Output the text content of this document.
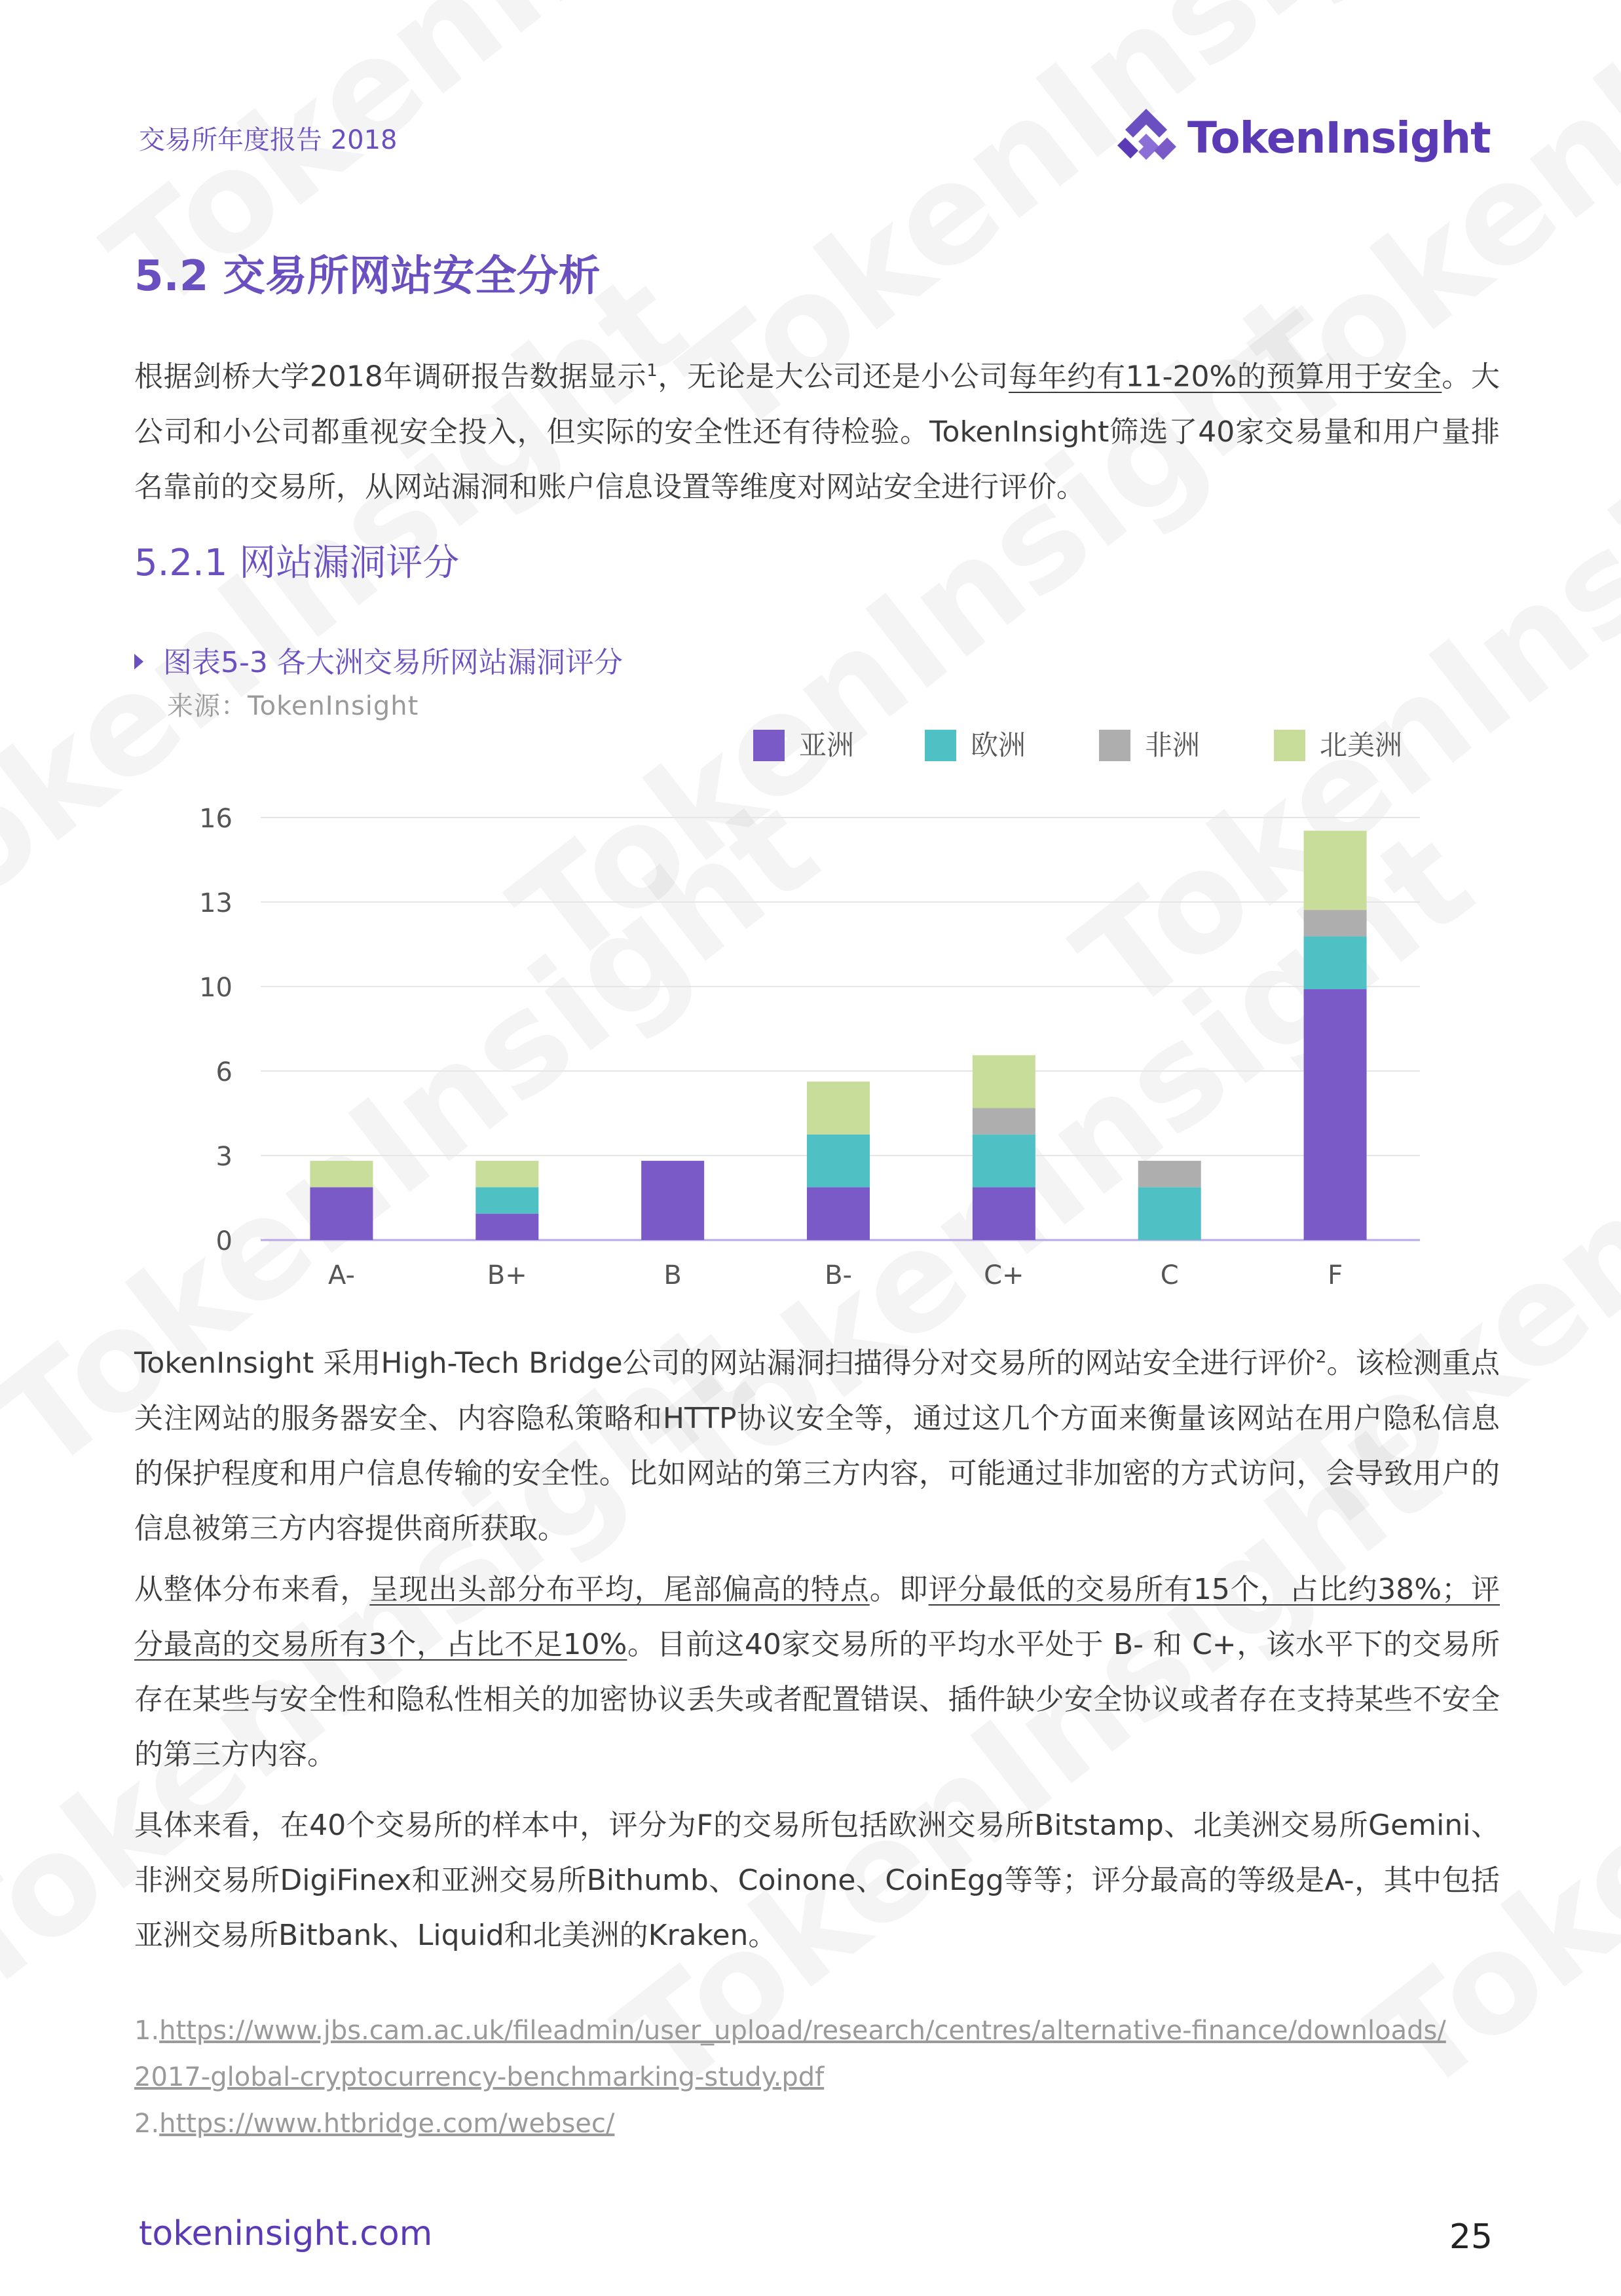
交易所年度报告 2018	TokenInsight
5.2 交易所网站安全分析
根据剑桥大学2018年调研报告数据显示$^1$，无论是大公司还是小公司每年约有11-20%的预算用于安全。大公司和小公司都重视安全投入，但实际的安全性还有待检验。TokenInsight筛选了40家交易量和用户量排名靠前的交易所，从网站漏洞和账户信息设置等维度对网站安全进行评价。
5.2.1 网站漏洞评分
图表5-3 各大洲交易所网站漏洞评分
来源：TokenInsight
0
3
6
10
13
16
A-	B+	B	B-	C+	C	F
亚洲	欧洲	非洲	北美洲
TokenInsight 采用High-Tech Bridge公司的网站漏洞扫描得分对交易所的网站安全进行评价$^2$。该检测重点关注网站的服务器安全、内容隐私策略和HTTP协议安全等，通过这几个方面来衡量该网站在用户隐私信息的保护程度和用户信息传输的安全性。比如网站的第三方内容，可能通过非加密的方式访问，会导致用户的信息被第三方内容提供商所获取。
从整体分布来看，呈现出头部分布平均，尾部偏高的特点。即评分最低的交易所有15个，占比约38%；评分最高的交易所有3个，占比不足10%。目前这40家交易所的平均水平处于 B- 和 C+，该水平下的交易所存在某些与安全性和隐私性相关的加密协议丢失或者配置错误、插件缺少安全协议或者存在支持某些不安全的第三方内容。
具体来看，在40个交易所的样本中，评分为F的交易所包括欧洲交易所Bitstamp、北美洲交易所Gemini、非洲交易所DigiFinex和亚洲交易所Bithumb、Coinone、CoinEgg等等；评分最高的等级是A-，其中包括亚洲交易所Bitbank、Liquid和北美洲的Kraken。
1.https://www.jbs.cam.ac.uk/fileadmin/user_upload/research/centres/alternative-finance/downloads/
2017-global-cryptocurrency-benchmarking-study.pdf
2.https://www.htbridge.com/websec/
tokeninsight.com	25
